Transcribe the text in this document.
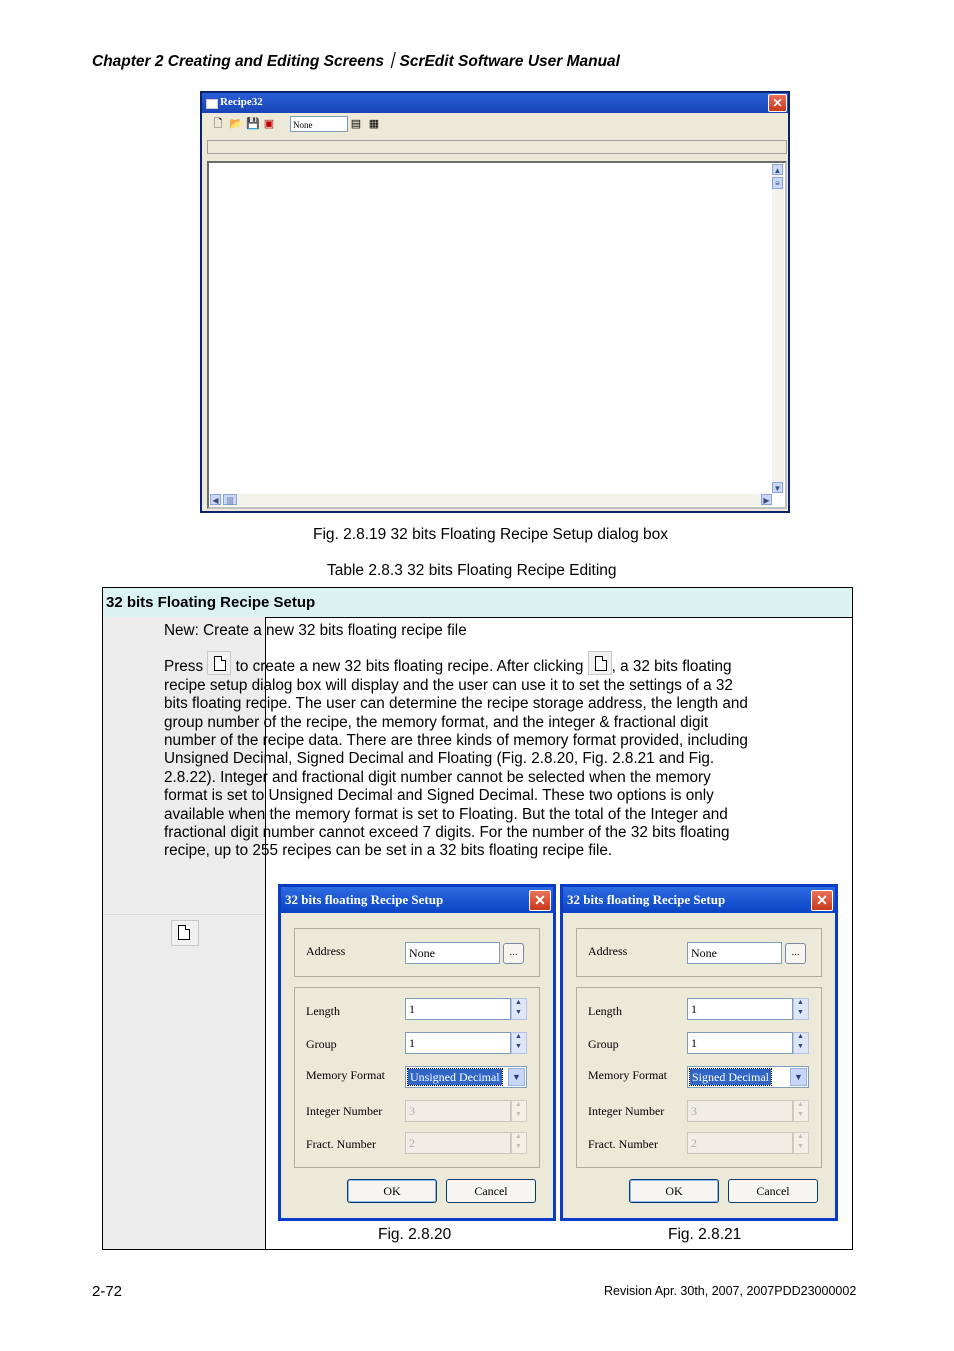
Chapter 2 Creating and Editing Screens｜ScrEdit Software User Manual
Recipe32	✕
🗋 📂 💾 ▣	None	▤ ▦
▲
≡
▼
◀	|||	▶
Fig. 2.8.19 32 bits Floating Recipe Setup dialog box
Table 2.8.3 32 bits Floating Recipe Editing
32 bits Floating Recipe Setup
New: Create a new 32 bits floating recipe file
Press to create a new 32 bits floating recipe. After clicking , a 32 bits floating recipe setup dialog box will display and the user can use it to set the settings of a 32 bits floating recipe. The user can determine the recipe storage address, the length and group number of the recipe, the memory format, and the integer & fractional digit number of the recipe data. There are three kinds of memory format provided, including Unsigned Decimal, Signed Decimal and Floating (Fig. 2.8.20, Fig. 2.8.21 and Fig. 2.8.22). Integer and fractional digit number cannot be selected when the memory format is set to Unsigned Decimal and Signed Decimal. These two options is only available when the memory format is set to Floating. But the total of the Integer and fractional digit number cannot exceed 7 digits. For the number of the 32 bits floating recipe, up to 255 recipes can be set in a 32 bits floating recipe file.
32 bits floating Recipe Setup	✕
Address	None	...
Length	1
▲ ▼
Group	1
▲ ▼
Memory Format Unsigned Decimal	▼
Integer Number	3
▲ ▼
Fract. Number	2
▲ ▼
OK	Cancel
32 bits floating Recipe Setup	✕
Address	None	...
Length	1
▲ ▼
Group	1
▲ ▼
Memory Format Signed Decimal	▼
Integer Number	3
▲ ▼
Fract. Number	2
▲ ▼
OK	Cancel
Fig. 2.8.20	Fig. 2.8.21
2-72	Revision Apr. 30th, 2007, 2007PDD23000002
